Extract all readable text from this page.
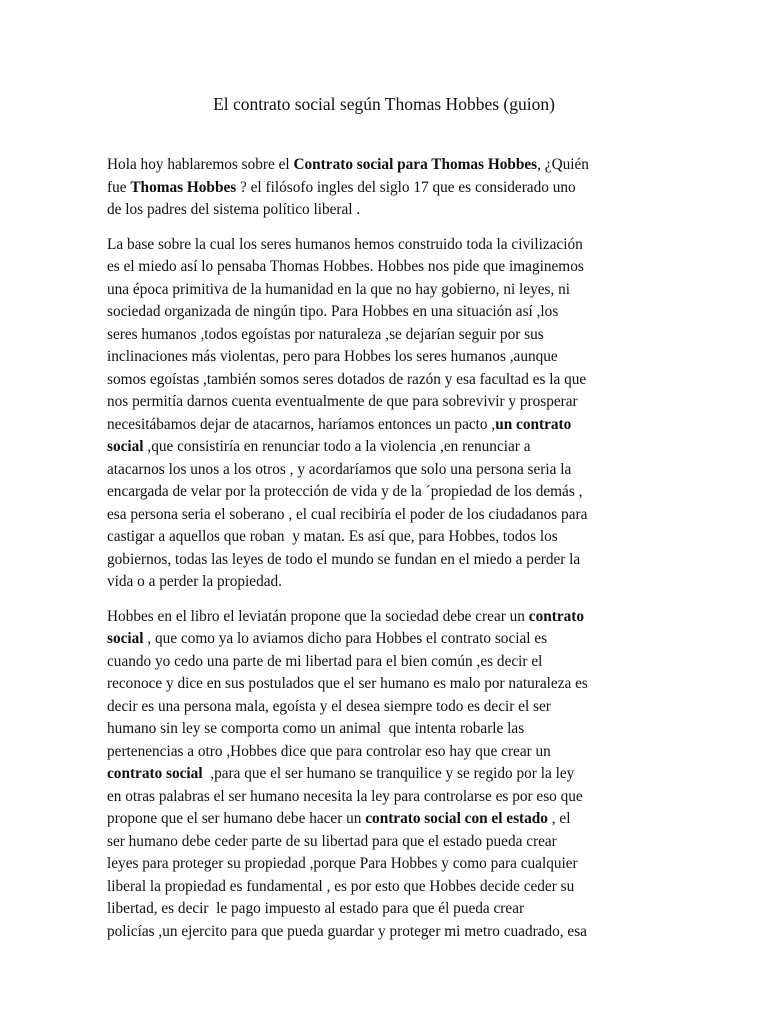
El contrato social según Thomas Hobbes (guion)
Hola hoy hablaremos sobre el Contrato social para Thomas Hobbes, ¿Quién
fue Thomas Hobbes ? el filósofo ingles del siglo 17 que es considerado uno
de los padres del sistema político liberal .
La base sobre la cual los seres humanos hemos construido toda la civilización
es el miedo así lo pensaba Thomas Hobbes. Hobbes nos pide que imaginemos
una época primitiva de la humanidad en la que no hay gobierno, ni leyes, ni
sociedad organizada de ningún tipo. Para Hobbes en una situación así ,los
seres humanos ,todos egoístas por naturaleza ,se dejarían seguir por sus
inclinaciones más violentas, pero para Hobbes los seres humanos ,aunque
somos egoístas ,también somos seres dotados de razón y esa facultad es la que
nos permitía darnos cuenta eventualmente de que para sobrevivir y prosperar
necesitábamos dejar de atacarnos, haríamos entonces un pacto ,un contrato
social ,que consistiría en renunciar todo a la violencia ,en renunciar a
atacarnos los unos a los otros , y acordaríamos que solo una persona seria la
encargada de velar por la protección de vida y de la ´propiedad de los demás ,
esa persona seria el soberano , el cual recibiría el poder de los ciudadanos para
castigar a aquellos que roban  y matan. Es así que, para Hobbes, todos los
gobiernos, todas las leyes de todo el mundo se fundan en el miedo a perder la
vida o a perder la propiedad.
Hobbes en el libro el leviatán propone que la sociedad debe crear un contrato
social , que como ya lo aviamos dicho para Hobbes el contrato social es
cuando yo cedo una parte de mi libertad para el bien común ,es decir el
reconoce y dice en sus postulados que el ser humano es malo por naturaleza es
decir es una persona mala, egoísta y el desea siempre todo es decir el ser
humano sin ley se comporta como un animal  que intenta robarle las
pertenencias a otro ,Hobbes dice que para controlar eso hay que crear un
contrato social  ,para que el ser humano se tranquilice y se regido por la ley
en otras palabras el ser humano necesita la ley para controlarse es por eso que
propone que el ser humano debe hacer un contrato social con el estado , el
ser humano debe ceder parte de su libertad para que el estado pueda crear
leyes para proteger su propiedad ,porque Para Hobbes y como para cualquier
liberal la propiedad es fundamental , es por esto que Hobbes decide ceder su
libertad, es decir  le pago impuesto al estado para que él pueda crear
policías ,un ejercito para que pueda guardar y proteger mi metro cuadrado, esa
